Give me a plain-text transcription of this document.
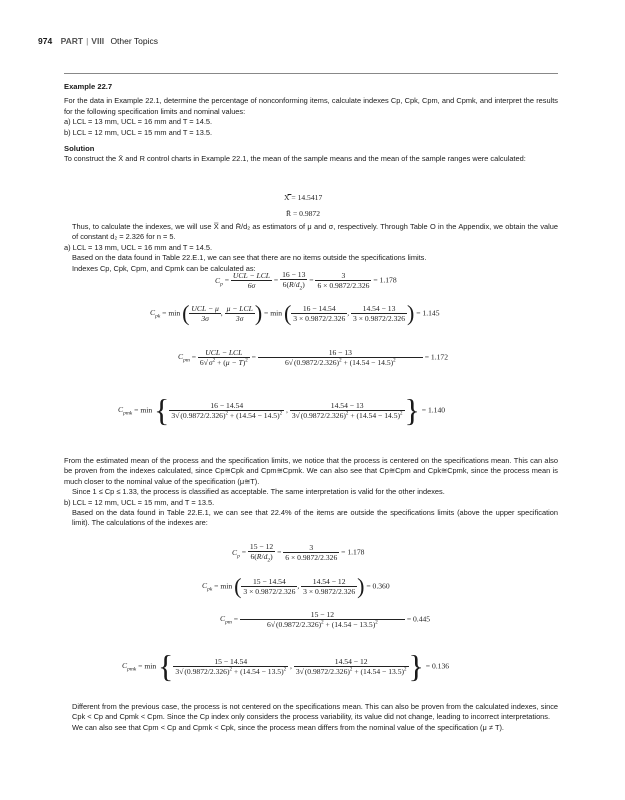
974 PART | VIII Other Topics
Example 22.7
For the data in Example 22.1, determine the percentage of nonconforming items, calculate indexes Cp, Cpk, Cpm, and Cpmk, and interpret the results for the following specification limits and nominal values:
a) LCL = 13 mm, UCL = 16 mm and T = 14.5.
b) LCL = 12 mm, UCL = 15 mm and T = 13.5.
Solution
To construct the X̄ and R control charts in Example 22.1, the mean of the sample means and the mean of the sample ranges were calculated:
X̿ = 14.5417
R̄ = 0.9872
Thus, to calculate the indexes, we will use X̿ and R̄/d₂ as estimators of μ and σ, respectively. Through Table O in the Appendix, we obtain the value of constant d₂ = 2.326 for n = 5.
a) LCL = 13 mm, UCL = 16 mm and T = 14.5.
Based on the data found in Table 22.E.1, we can see that there are no items outside the specifications limits.
Indexes Cp, Cpk, Cpm, and Cpmk can be calculated as:
$C_p = \frac{\text{UCL − LCL}}{6\sigma} = \frac{16 - 13}{6(\overline{R}/d_2)} = \frac{3}{6 \times 0.9872/2.326} = 1.178$
$C_{pk} = \min$ ( $\frac{\text{UCL − μ}}{3\sigma}$ , $\frac{\text{μ − LCL}}{3\sigma}$ ) = min ( $\frac{16 - 14.54}{3 \times 0.9872/2.326}$ , $\frac{14.54 - 13}{3 \times 0.9872/2.326}$ ) = 1.145
$C_{pm} = \frac{\text{UCL − LCL}}{6√\sigma^2 + (\mu - T)^2} = \frac{16 - 13}{6√(0.9872/2.326)^2 + (14.54 - 14.5)^2} = 1.172$
$C_{pmk} = \min$ { $\frac{16 - 14.54}{3√(0.9872/2.326)^2 + (14.54 - 14.5)^2}$ , $\frac{14.54 - 13}{3√(0.9872/2.326)^2 + (14.54 - 14.5)^2}$ } = 1.140
From the estimated mean of the process and the specification limits, we notice that the process is centered on the specifications mean. This can also be proven from the indexes calculated, since Cp≅Cpk and Cpm≅Cpmk. We can also see that Cp≅Cpm and Cpk≅Cpmk, since the process mean is much closer to the nominal value of the specification (μ≅T).
Since 1 ≤ Cp ≤ 1.33, the process is classified as acceptable. The same interpretation is valid for the other indexes.
b) LCL = 12 mm, UCL = 15 mm, and T = 13.5.
Based on the data found in Table 22.E.1, we can see that 22.4% of the items are outside the specifications limits (above the upper specification limit). The calculations of the indexes are:
$C_p = \frac{15 - 12}{6(\overline{R}/d_2)} = \frac{3}{6 \times 0.9872/2.326} = 1.178$
$C_{pk} = \min$ ( $\frac{15 - 14.54}{3 \times 0.9872/2.326}$ , $\frac{14.54 - 12}{3 \times 0.9872/2.326}$ ) = 0.360
$C_{pm} = \frac{15 - 12}{6√(0.9872/2.326)^2 + (14.54 - 13.5)^2} = 0.445$
$C_{pmk} = \min$ { $\frac{15 - 14.54}{3√(0.9872/2.326)^2 + (14.54 - 13.5)^2}$ , $\frac{14.54 - 12}{3√(0.9872/2.326)^2 + (14.54 - 13.5)^2}$ } = 0.136
Different from the previous case, the process is not centered on the specifications mean. This can also be proven from the calculated indexes, since Cpk < Cp and Cpmk < Cpm. Since the Cp index only considers the process variability, its value did not change, leading to incorrect interpretations.
We can also see that Cpm < Cp and Cpmk < Cpk, since the process mean differs from the nominal value of the specification (μ ≠ T).
